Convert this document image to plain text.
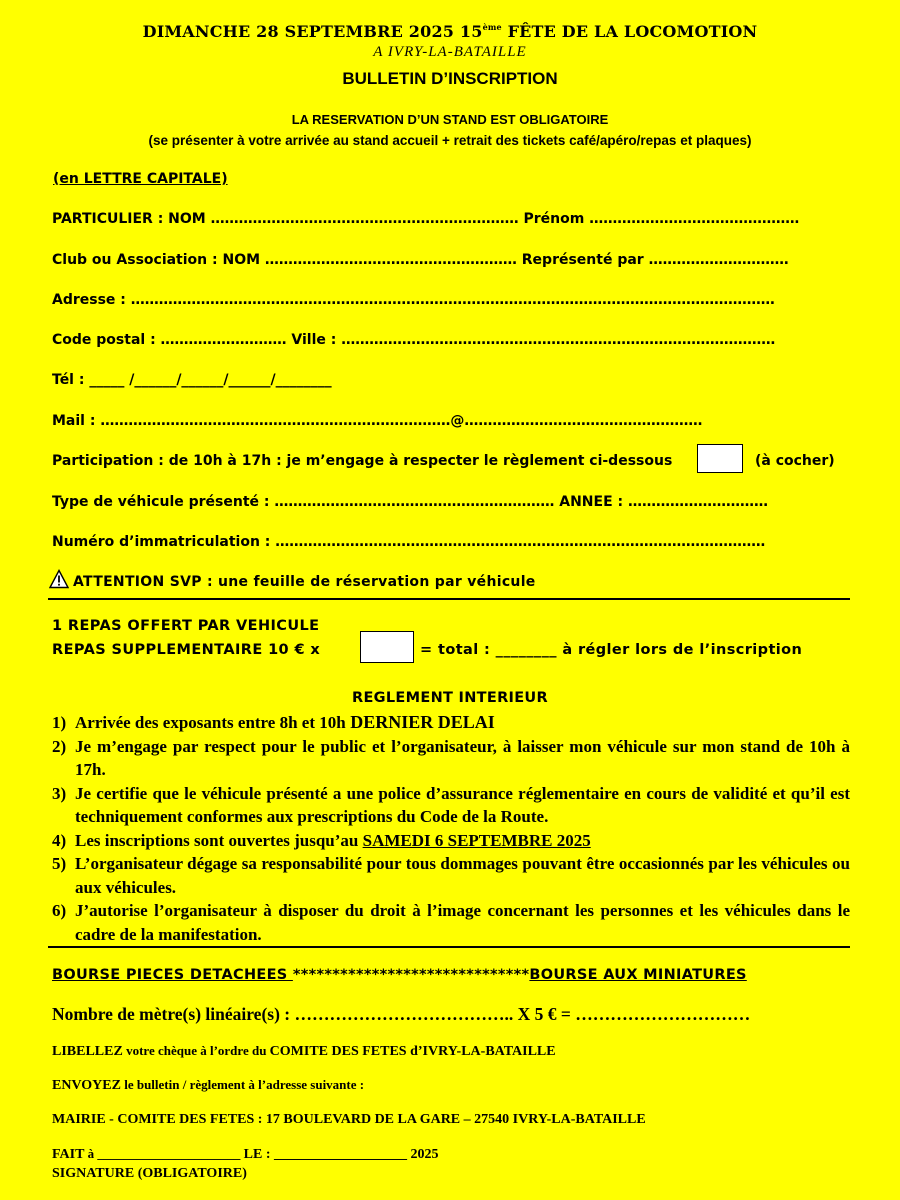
DIMANCHE 28 SEPTEMBRE 2025 15ème FÊTE DE LA LOCOMOTION
A IVRY-LA-BATAILLE
BULLETIN D’INSCRIPTION
LA RESERVATION D’UN STAND EST OBLIGATOIRE
(se présenter à votre arrivée au stand accueil + retrait des tickets café/apéro/repas et plaques)
(en LETTRE CAPITALE)
PARTICULIER : NOM ………………………………………………………… Prénom ………………………………………
Club ou Association : NOM ……………………………………………… Représenté par …………………………
Adresse : …………………………………………………………………………………………………………………………
Code postal : ……………………… Ville : …………………………………………………………………………………
Tél : _____ /______/______/______/________
Mail : …………………………………………………………………@……………………………………………
Participation : de 10h à 17h : je m’engage à respecter le règlement ci-dessous	(à cocher)
Type de véhicule présenté : …………………………………………………… ANNEE : …………………………
Numéro d’immatriculation : ……………………………………………………………………………………………
ATTENTION SVP : une feuille de réservation par véhicule
1 REPAS OFFERT PAR VEHICULE
REPAS SUPPLEMENTAIRE 10 € x	= total : ________ à régler lors de l’inscription
REGLEMENT INTERIEUR
1) Arrivée des exposants entre 8h et 10h DERNIER DELAI
2) Je m’engage par respect pour le public et l’organisateur, à laisser mon véhicule sur mon stand de 10h à 17h.
3) Je certifie que le véhicule présenté a une police d’assurance réglementaire en cours de validité et qu’il est techniquement conformes aux prescriptions du Code de la Route.
4) Les inscriptions sont ouvertes jusqu’au SAMEDI 6 SEPTEMBRE 2025
5) L’organisateur dégage sa responsabilité pour tous dommages pouvant être occasionnés par les véhicules ou aux véhicules.
6) J’autorise l’organisateur à disposer du droit à l’image concernant les personnes et les véhicules dans le cadre de la manifestation.
BOURSE PIECES DETACHEES ******************************BOURSE AUX MINIATURES
Nombre de mètre(s) linéaire(s) : ……………………………….. X 5 € = …………………………
LIBELLEZ votre chèque à l’ordre du COMITE DES FETES d’IVRY-LA-BATAILLE
ENVOYEZ le bulletin / règlement à l’adresse suivante :
MAIRIE - COMITE DES FETES : 17 BOULEVARD DE LA GARE – 27540 IVRY-LA-BATAILLE
FAIT à ______________________ LE : ___________________ 2025
SIGNATURE (OBLIGATOIRE)
